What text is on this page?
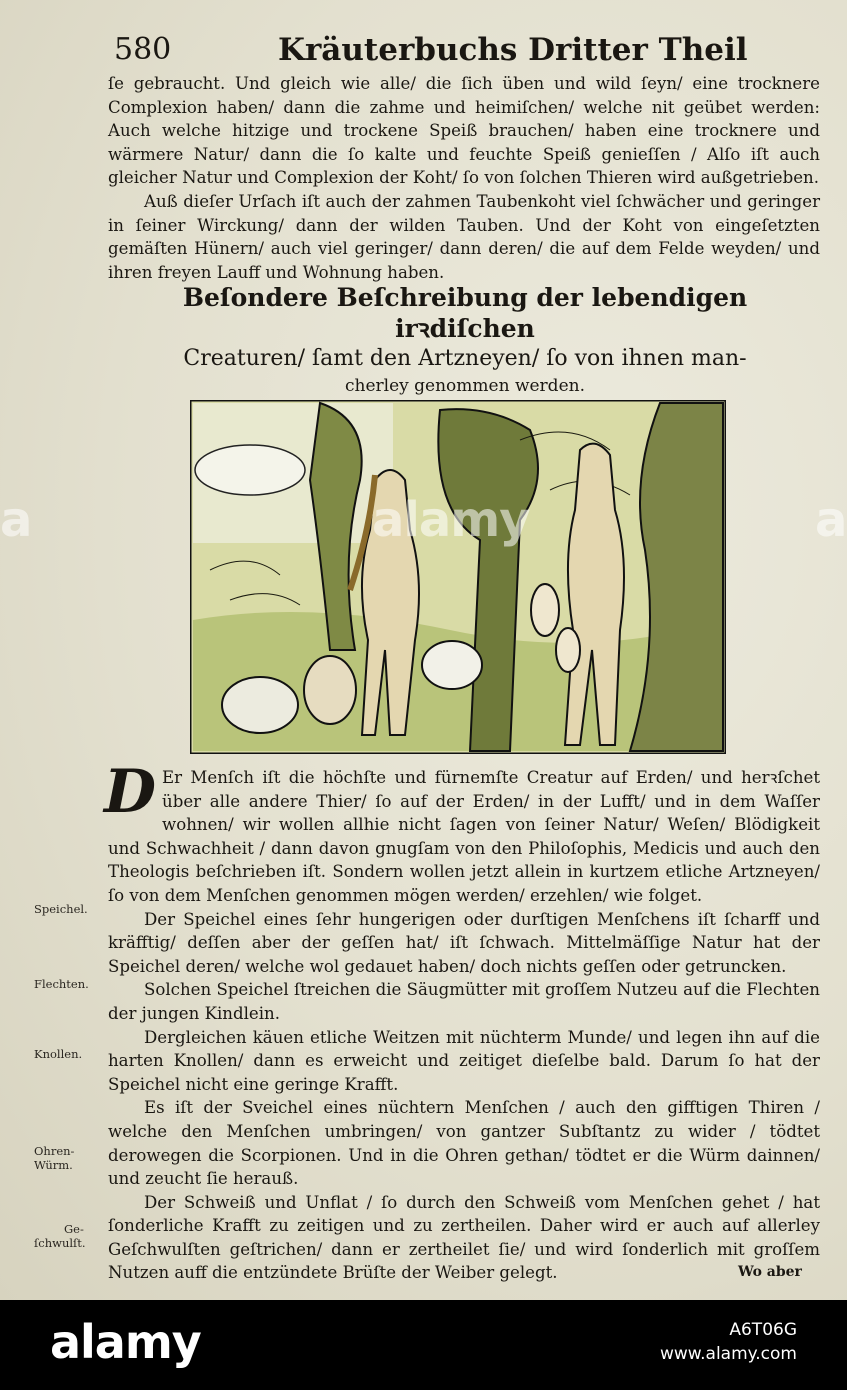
580	Kräuterbuchs Dritter Theil

ſe gebraucht. Und gleich wie alle/ die ſich üben und wild ſeyn/ eine trocknere Complexion haben/ dann die zahme und heimiſchen/ welche nit geübet werden: Auch welche hitzige und trockene Speiß brauchen/ haben eine trocknere und wärmere Natur/ dann die ſo kalte und feuchte Speiß genieſſen / Alſo iſt auch gleicher Natur und Complexion der Koht/ ſo von ſolchen Thieren wird außgetrieben.

Auß dieſer Urſach iſt auch der zahmen Taubenkoht viel ſchwächer und geringer in ſeiner Wirckung/ dann der wilden Tauben. Und der Koht von eingeſetzten gemäſten Hünern/ auch viel geringer/ dann deren/ die auf dem Felde weyden/ und ihren freyen Lauff und Wohnung haben.

Beſondere Beſchreibung der lebendigen irꝛdiſchen
Creaturen/ ſamt den Artzneyen/ ſo von ihnen man-
cherley genommen werden.

D Er Menſch iſt die höchſte und fürnemſte Creatur auf Erden/ und herꝛſchet über alle andere Thier/ ſo auf der Erden/ in der Lufft/ und in dem Waſſer wohnen/ wir wollen allhie nicht ſagen von ſeiner Natur/ Weſen/ Blödigkeit und Schwachheit / dann davon gnugſam von den Philoſophis, Medicis und auch den Theologis beſchrieben iſt. Sondern wollen jetzt allein in kurtzem etliche Artzneyen/ ſo von dem Menſchen genommen mögen werden/ erzehlen/ wie folget.

Der Speichel eines ſehr hungerigen oder durſtigen Menſchens iſt ſcharff und kräfftig/ deſſen aber der geſſen hat/ iſt ſchwach. Mittelmäſſige Natur hat der Speichel deren/ welche wol gedauet haben/ doch nichts geſſen oder getruncken.

Solchen Speichel ſtreichen die Säugmütter mit groſſem Nutzeu auf die Flechten der jungen Kindlein.

Dergleichen käuen etliche Weitzen mit nüchterm Munde/ und legen ihn auf die harten Knollen/ dann es erweicht und zeitiget dieſelbe bald. Darum ſo hat der Speichel nicht eine geringe Krafft.

Es iſt der Sveichel eines nüchtern Menſchen / auch den gifftigen Thiren / welche den Menſchen umbringen/ von gantzer Subſtantz zu wider / tödtet derowegen die Scorpionen. Und in die Ohren gethan/ tödtet er die Würm dainnen/ und zeucht ſie herauß.

Der Schweiß und Unflat / ſo durch den Schweiß vom Menſchen gehet / hat ſonderliche Krafft zu zeitigen und zu zertheilen. Daher wird er auch auf allerley Geſchwulſten geſtrichen/ dann er zertheilet ſie/ und wird ſonderlich mit groſſem Nutzen auff die entzündete Brüſte der Weiber gelegt.

Speichel.
Flechten.
Knollen.
Ohren-
Würm.
Ge-
ſchwulſt.
Wo aber
a	alamy	a
alamy	A6T06G
www.alamy.com
